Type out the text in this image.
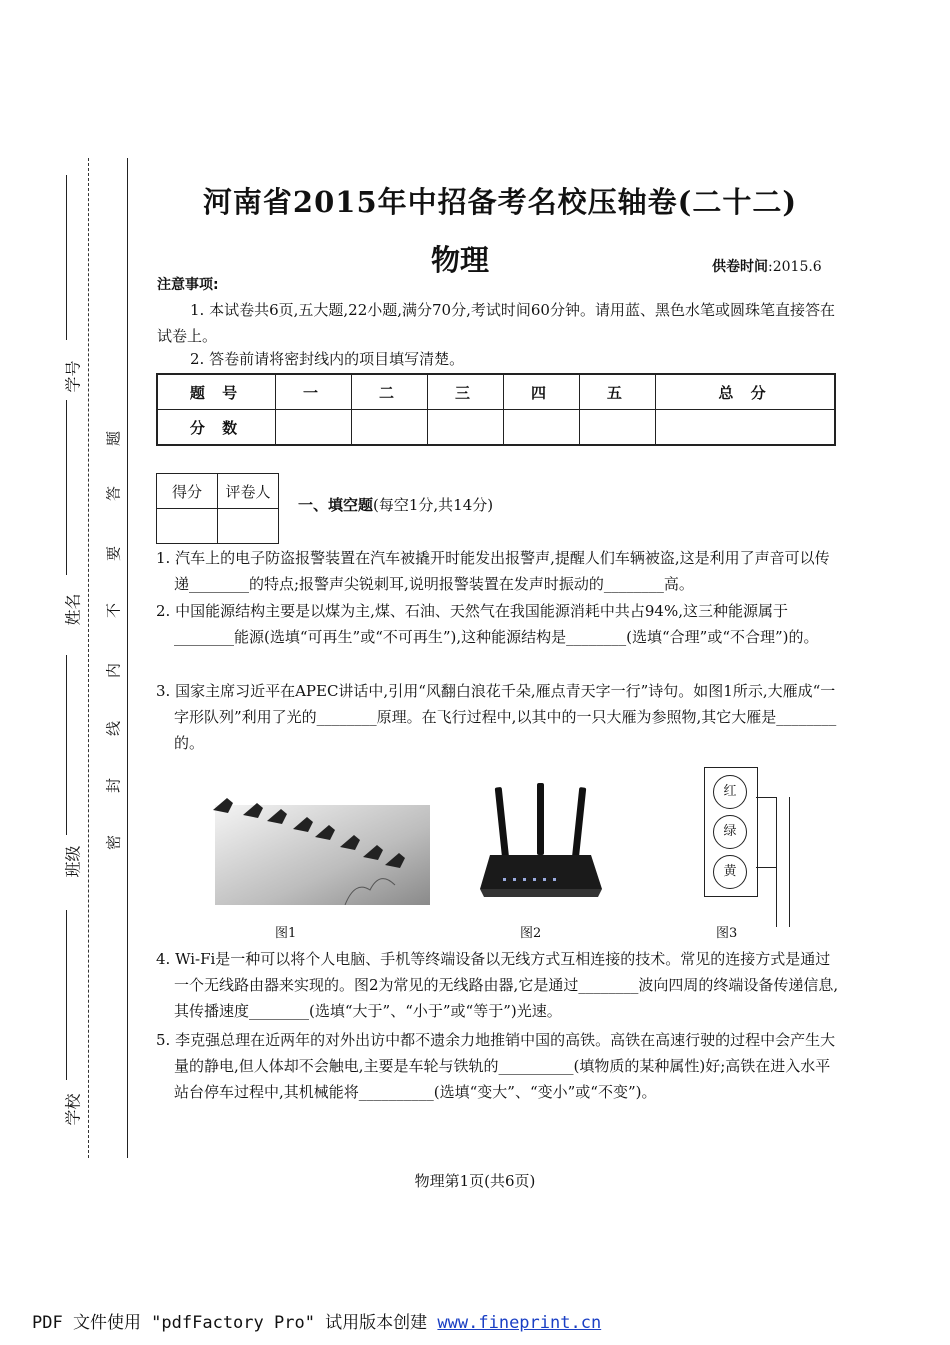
学号
姓名
班级
学校
题
答
要
不
内
线
封
密
河南省2015年中招备考名校压轴卷(二十二)
物理	供卷时间:2015.6
注意事项:
1. 本试卷共6页,五大题,22小题,满分70分,考试时间60分钟。请用蓝、黑色水笔或圆珠笔直接答在试卷上。
2. 答卷前请将密封线内的项目填写清楚。
题 号	一	二	三	四	五	总 分
分 数						
得分	评卷人

一、填空题(每空1分,共14分)
1. 汽车上的电子防盗报警装置在汽车被撬开时能发出报警声,提醒人们车辆被盗,这是利用了声音可以传递________的特点;报警声尖锐刺耳,说明报警装置在发声时振动的________高。
2. 中国能源结构主要是以煤为主,煤、石油、天然气在我国能源消耗中共占94%,这三种能源属于________能源(选填“可再生”或“不可再生”),这种能源结构是________(选填“合理”或“不合理”)的。
3. 国家主席习近平在APEC讲话中,引用“风翻白浪花千朵,雁点青天字一行”诗句。如图1所示,大雁成“一字形队列”利用了光的________原理。在飞行过程中,以其中的一只大雁为参照物,其它大雁是________的。
图1	图2
红
绿
黄
图3
4. Wi-Fi是一种可以将个人电脑、手机等终端设备以无线方式互相连接的技术。常见的连接方式是通过一个无线路由器来实现的。图2为常见的无线路由器,它是通过________波向四周的终端设备传递信息,其传播速度________(选填“大于”、“小于”或“等于”)光速。
5. 李克强总理在近两年的对外出访中都不遗余力地推销中国的高铁。高铁在高速行驶的过程中会产生大量的静电,但人体却不会触电,主要是车轮与铁轨的__________(填物质的某种属性)好;高铁在进入水平站台停车过程中,其机械能将__________(选填“变大”、“变小”或“不变”)。
物理第1页(共6页)
PDF 文件使用 "pdfFactory Pro" 试用版本创建 www.fineprint.cn
